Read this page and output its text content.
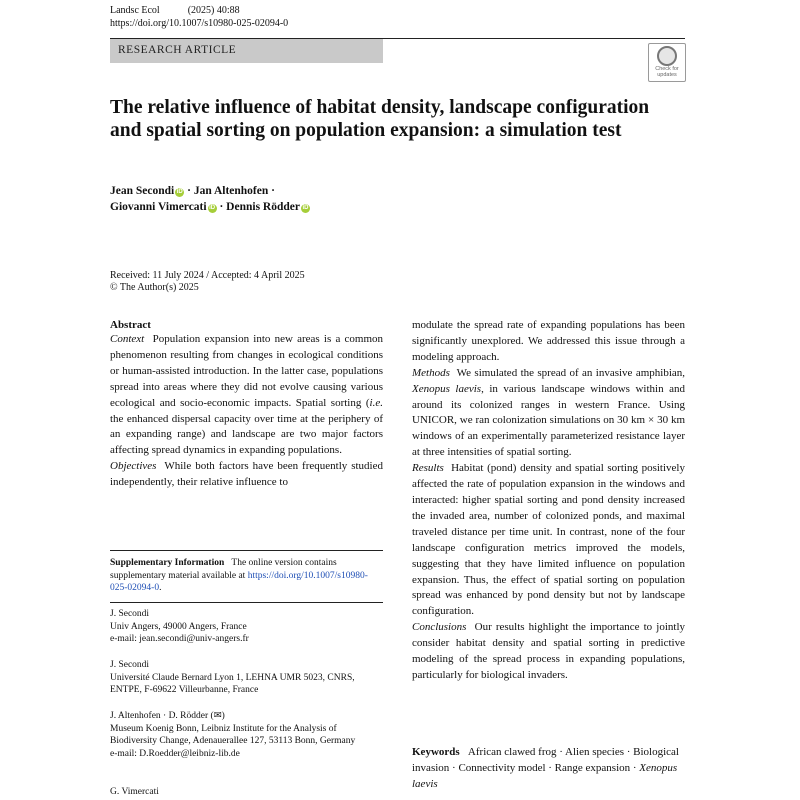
Landsc Ecol	(2025) 40:88
https://doi.org/10.1007/s10980-025-02094-0
RESEARCH ARTICLE
Check for
updates
The relative influence of habitat density, landscape configuration and spatial sorting on population expansion: a simulation test
Jean Secondi iD · Jan Altenhofen ·
Giovanni Vimercati iD · Dennis Rödder iD
Received: 11 July 2024 / Accepted: 4 April 2025
© The Author(s) 2025
Abstract

Context Population expansion into new areas is a common phenomenon resulting from changes in ecological conditions or human-assisted introduction. In the latter case, populations spread into areas where they did not evolve causing various ecological and socio-economic impacts. Spatial sorting (i.e. the enhanced dispersal capacity over time at the periphery of an expanding range) and landscape are two major factors affecting spread dynamics in expanding populations.

Objectives While both factors have been frequently studied independently, their relative influence to

Supplementary Information The online version contains supplementary material available at https://doi.org/10.1007/s10980-025-02094-0.

J. Secondi

Univ Angers, 49000 Angers, France

e-mail: jean.secondi@univ-angers.fr

J. Secondi

Université Claude Bernard Lyon 1, LEHNA UMR 5023, CNRS, ENTPE, F-69622 Villeurbanne, France

J. Altenhofen · D. Rödder (✉)

Museum Koenig Bonn, Leibniz Institute for the Analysis of Biodiversity Change, Adenauerallee 127, 53113 Bonn, Germany

e-mail: D.Roedder@leibniz-lib.de

G. Vimercati

modulate the spread rate of expanding populations has been significantly unexplored. We addressed this issue through a modeling approach.

Methods We simulated the spread of an invasive amphibian, Xenopus laevis, in various landscape windows within and around its colonized ranges in western France. Using UNICOR, we ran colonization simulations on 30 km × 30 km windows of an experimentally parameterized resistance layer at three intensities of spatial sorting.

Results Habitat (pond) density and spatial sorting positively affected the rate of population expansion in the windows and interacted: higher spatial sorting and pond density increased the invaded area, number of colonized ponds, and maximal traveled distance per time unit. In contrast, none of the four landscape configuration metrics improved the models, suggesting that they have limited influence on population expansion. Thus, the effect of spatial sorting on population spread was enhanced by pond density but not by landscape configuration.

Conclusions Our results highlight the importance to jointly consider habitat density and spatial sorting in predictive modeling of the spread process in expanding populations, particularly for biological invaders.

Keywords African clawed frog · Alien species · Biological invasion · Connectivity model · Range expansion · Xenopus laevis
